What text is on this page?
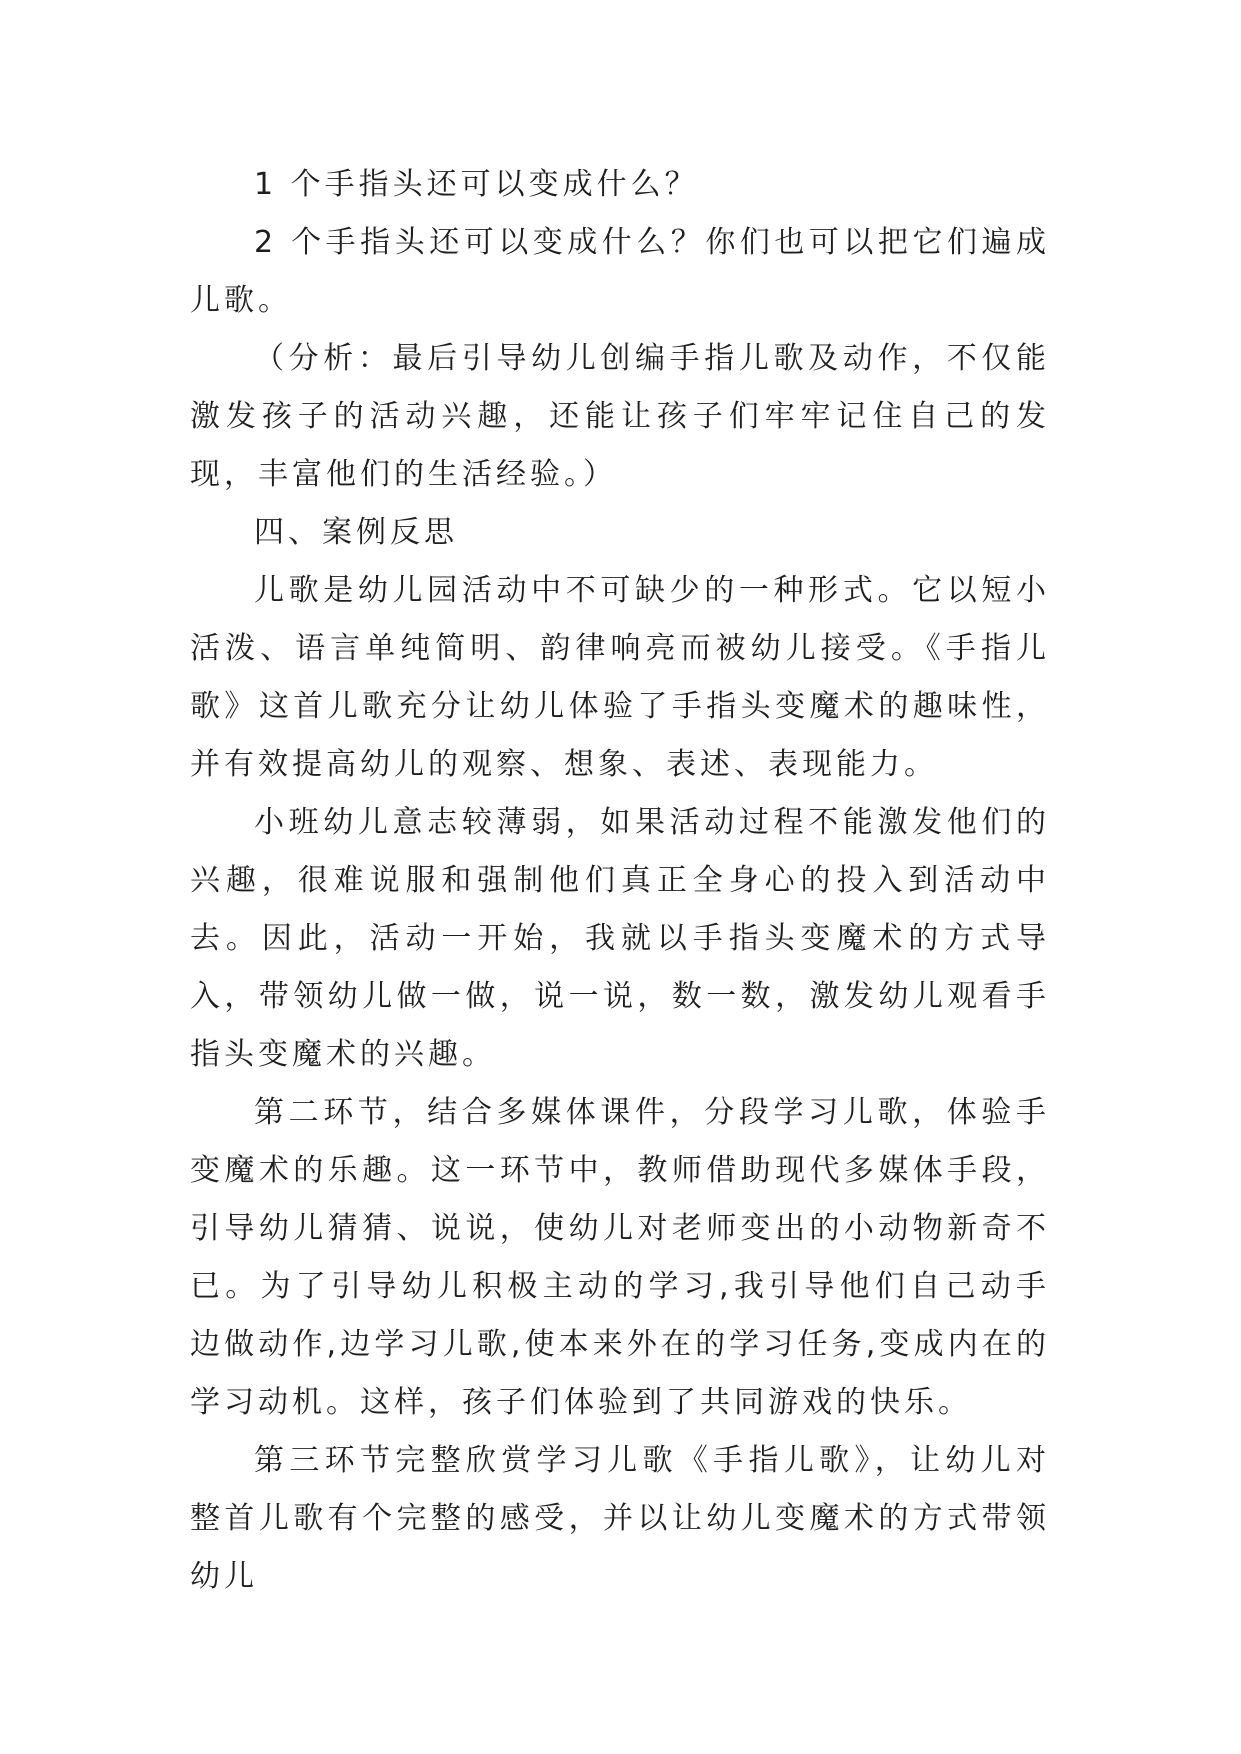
1 个手指头还可以变成什么？

2 个手指头还可以变成什么？你们也可以把它们遍成儿歌。

（分析：最后引导幼儿创编手指儿歌及动作，不仅能激发孩子的活动兴趣，还能让孩子们牢牢记住自己的发现，丰富他们的生活经验。）

四、案例反思

儿歌是幼儿园活动中不可缺少的一种形式。它以短小活泼、语言单纯简明、韵律响亮而被幼儿接受。《手指儿歌》这首儿歌充分让幼儿体验了手指头变魔术的趣味性，并有效提高幼儿的观察、想象、表述、表现能力。

小班幼儿意志较薄弱，如果活动过程不能激发他们的兴趣，很难说服和强制他们真正全身心的投入到活动中去。因此，活动一开始，我就以手指头变魔术的方式导入，带领幼儿做一做，说一说，数一数，激发幼儿观看手指头变魔术的兴趣。

第二环节，结合多媒体课件，分段学习儿歌，体验手变魔术的乐趣。这一环节中，教师借助现代多媒体手段，引导幼儿猜猜、说说，使幼儿对老师变出的小动物新奇不已。为了引导幼儿积极主动的学习,我引导他们自己动手边做动作,边学习儿歌,使本来外在的学习任务,变成内在的学习动机。这样，孩子们体验到了共同游戏的快乐。

第三环节完整欣赏学习儿歌《手指儿歌》，让幼儿对整首儿歌有个完整的感受，并以让幼儿变魔术的方式带领幼儿
